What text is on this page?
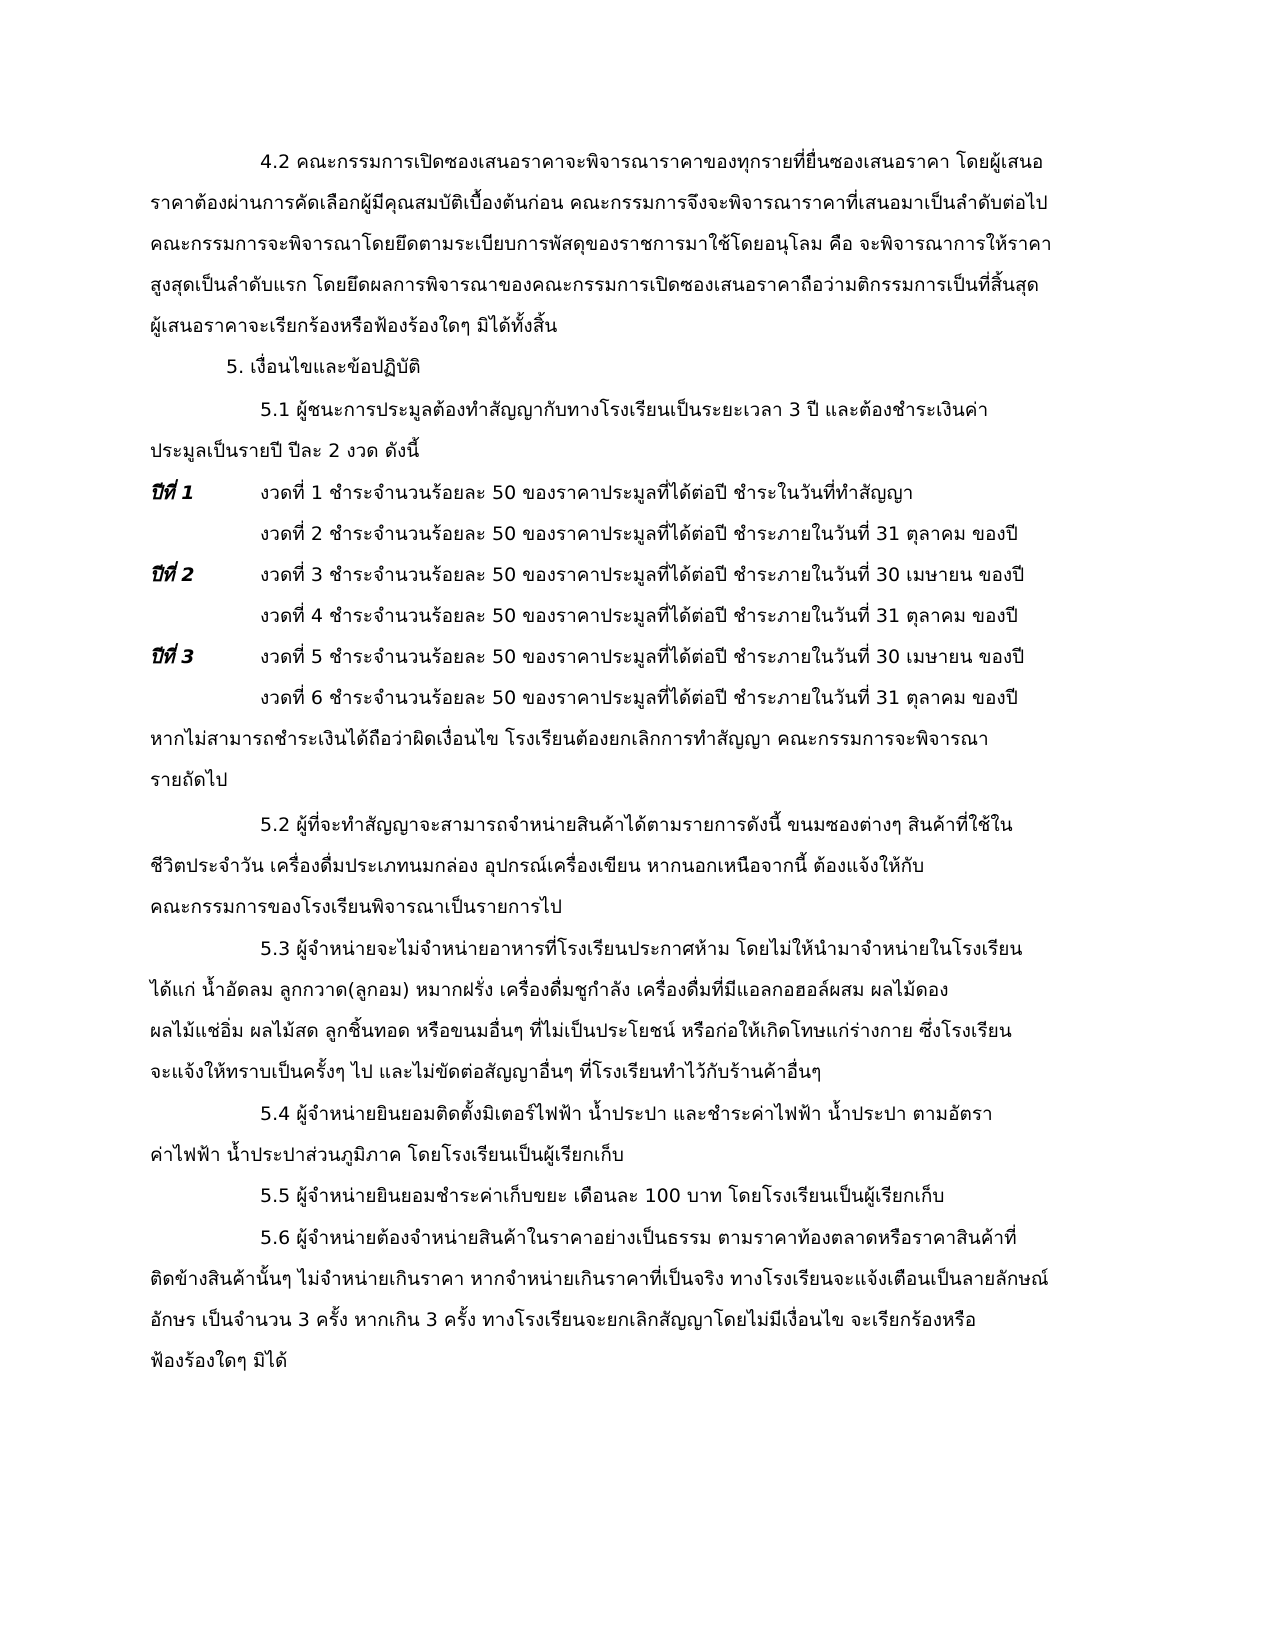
4.2 คณะกรรมการเปิดซองเสนอราคาจะพิจารณาราคาของทุกรายที่ยื่นซองเสนอราคา โดยผู้เสนอ
ราคาต้องผ่านการคัดเลือกผู้มีคุณสมบัติเบื้องต้นก่อน คณะกรรมการจึงจะพิจารณาราคาที่เสนอมาเป็นลำดับต่อไป
คณะกรรมการจะพิจารณาโดยยึดตามระเบียบการพัสดุของราชการมาใช้โดยอนุโลม คือ จะพิจารณาการให้ราคา
สูงสุดเป็นลำดับแรก โดยยึดผลการพิจารณาของคณะกรรมการเปิดซองเสนอราคาถือว่ามติกรรมการเป็นที่สิ้นสุด
ผู้เสนอราคาจะเรียกร้องหรือฟ้องร้องใดๆ มิได้ทั้งสิ้น
5. เงื่อนไขและข้อปฏิบัติ
5.1 ผู้ชนะการประมูลต้องทำสัญญากับทางโรงเรียนเป็นระยะเวลา 3 ปี และต้องชำระเงินค่า
ประมูลเป็นรายปี ปีละ 2 งวด ดังนี้
ปีที่ 1	งวดที่ 1 ชำระจำนวนร้อยละ 50 ของราคาประมูลที่ได้ต่อปี ชำระในวันที่ทำสัญญา
งวดที่ 2 ชำระจำนวนร้อยละ 50 ของราคาประมูลที่ได้ต่อปี ชำระภายในวันที่ 31 ตุลาคม ของปี
ปีที่ 2	งวดที่ 3 ชำระจำนวนร้อยละ 50 ของราคาประมูลที่ได้ต่อปี ชำระภายในวันที่ 30 เมษายน ของปี
งวดที่ 4 ชำระจำนวนร้อยละ 50 ของราคาประมูลที่ได้ต่อปี ชำระภายในวันที่ 31 ตุลาคม ของปี
ปีที่ 3	งวดที่ 5 ชำระจำนวนร้อยละ 50 ของราคาประมูลที่ได้ต่อปี ชำระภายในวันที่ 30 เมษายน ของปี
งวดที่ 6 ชำระจำนวนร้อยละ 50 ของราคาประมูลที่ได้ต่อปี ชำระภายในวันที่ 31 ตุลาคม ของปี
หากไม่สามารถชำระเงินได้ถือว่าผิดเงื่อนไข โรงเรียนต้องยกเลิกการทำสัญญา คณะกรรมการจะพิจารณา
รายถัดไป
5.2 ผู้ที่จะทำสัญญาจะสามารถจำหน่ายสินค้าได้ตามรายการดังนี้ ขนมซองต่างๆ สินค้าที่ใช้ใน
ชีวิตประจำวัน เครื่องดื่มประเภทนมกล่อง อุปกรณ์เครื่องเขียน หากนอกเหนือจากนี้ ต้องแจ้งให้กับ
คณะกรรมการของโรงเรียนพิจารณาเป็นรายการไป
5.3 ผู้จำหน่ายจะไม่จำหน่ายอาหารที่โรงเรียนประกาศห้าม โดยไม่ให้นำมาจำหน่ายในโรงเรียน
ได้แก่ น้ำอัดลม ลูกกวาด(ลูกอม) หมากฝรั่ง เครื่องดื่มชูกำลัง เครื่องดื่มที่มีแอลกอฮอล์ผสม ผลไม้ดอง
ผลไม้แช่อิ่ม ผลไม้สด ลูกชิ้นทอด หรือขนมอื่นๆ ที่ไม่เป็นประโยชน์ หรือก่อให้เกิดโทษแก่ร่างกาย ซึ่งโรงเรียน
จะแจ้งให้ทราบเป็นครั้งๆ ไป และไม่ขัดต่อสัญญาอื่นๆ ที่โรงเรียนทำไว้กับร้านค้าอื่นๆ
5.4 ผู้จำหน่ายยินยอมติดตั้งมิเตอร์ไฟฟ้า น้ำประปา และชำระค่าไฟฟ้า น้ำประปา ตามอัตรา
ค่าไฟฟ้า น้ำประปาส่วนภูมิภาค โดยโรงเรียนเป็นผู้เรียกเก็บ
5.5 ผู้จำหน่ายยินยอมชำระค่าเก็บขยะ เดือนละ 100 บาท โดยโรงเรียนเป็นผู้เรียกเก็บ
5.6 ผู้จำหน่ายต้องจำหน่ายสินค้าในราคาอย่างเป็นธรรม ตามราคาท้องตลาดหรือราคาสินค้าที่
ติดข้างสินค้านั้นๆ ไม่จำหน่ายเกินราคา หากจำหน่ายเกินราคาที่เป็นจริง ทางโรงเรียนจะแจ้งเตือนเป็นลายลักษณ์
อักษร เป็นจำนวน 3 ครั้ง หากเกิน 3 ครั้ง ทางโรงเรียนจะยกเลิกสัญญาโดยไม่มีเงื่อนไข จะเรียกร้องหรือ
ฟ้องร้องใดๆ มิได้
